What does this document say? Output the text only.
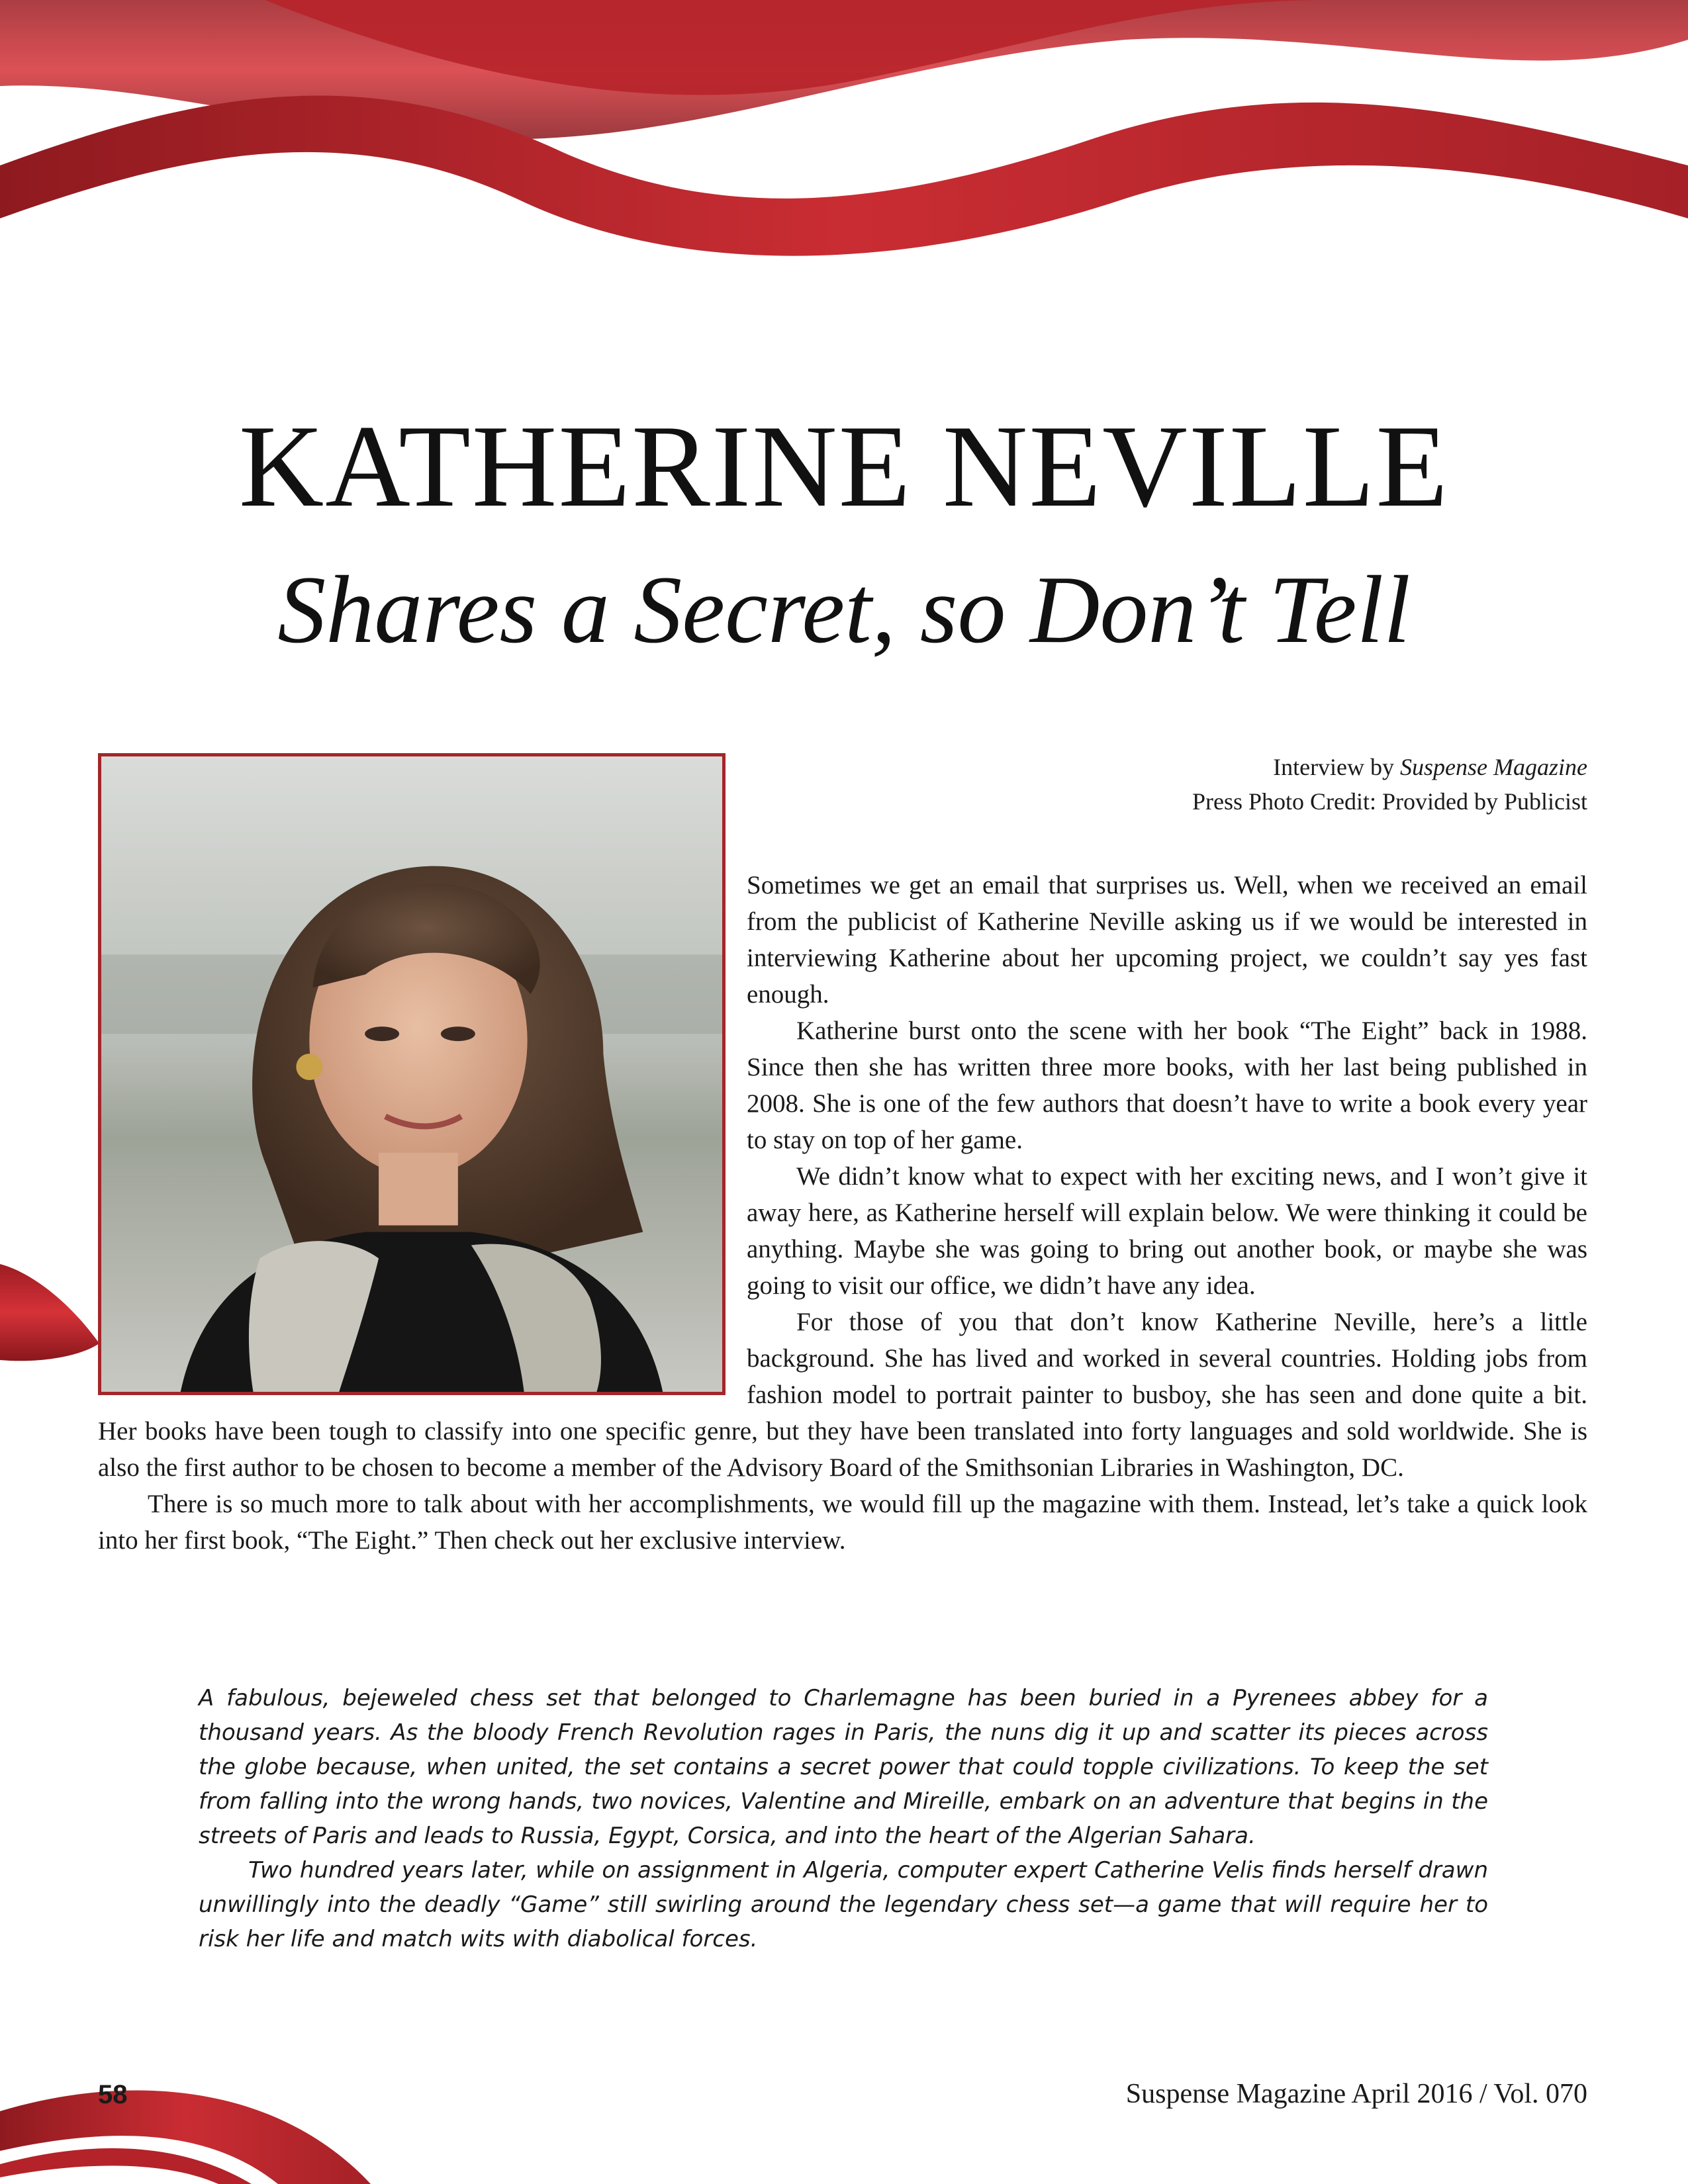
KATHERINE NEVILLE
Shares a Secret, so Don’t Tell
Interview by Suspense Magazine
Press Photo Credit: Provided by Publicist

Sometimes we get an email that surprises us. Well, when we received an email from the publicist of Katherine Neville asking us if we would be interested in interviewing Katherine about her upcoming project, we couldn’t say yes fast enough.

Katherine burst onto the scene with her book “The Eight” back in 1988. Since then she has written three more books, with her last being published in 2008. She is one of the few authors that doesn’t have to write a book every year to stay on top of her game.

We didn’t know what to expect with her exciting news, and I won’t give it away here, as Katherine herself will explain below. We were thinking it could be anything. Maybe she was going to bring out another book, or maybe she was going to visit our office, we didn’t have any idea.

For those of you that don’t know Katherine Neville, here’s a little background. She has lived and worked in several countries. Holding jobs from fashion model to portrait painter to busboy, she has seen and done quite a bit. Her books have been tough to classify into one specific genre, but they have been translated into forty languages and sold worldwide. She is also the first author to be chosen to become a member of the Advisory Board of the Smithsonian Libraries in Washington, DC.

There is so much more to talk about with her accomplishments, we would fill up the magazine with them. Instead, let’s take a quick look into her first book, “The Eight.” Then check out her exclusive interview.

A fabulous, bejeweled chess set that belonged to Charlemagne has been buried in a Pyrenees abbey for a thousand years. As the bloody French Revolution rages in Paris, the nuns dig it up and scatter its pieces across the globe because, when united, the set contains a secret power that could topple civilizations. To keep the set from falling into the wrong hands, two novices, Valentine and Mireille, embark on an adventure that begins in the streets of Paris and leads to Russia, Egypt, Corsica, and into the heart of the Algerian Sahara.

Two hundred years later, while on assignment in Algeria, computer expert Catherine Velis finds herself drawn unwillingly into the deadly “Game” still swirling around the legendary chess set—a game that will require her to risk her life and match wits with diabolical forces.

58	Suspense Magazine April 2016 / Vol. 070
